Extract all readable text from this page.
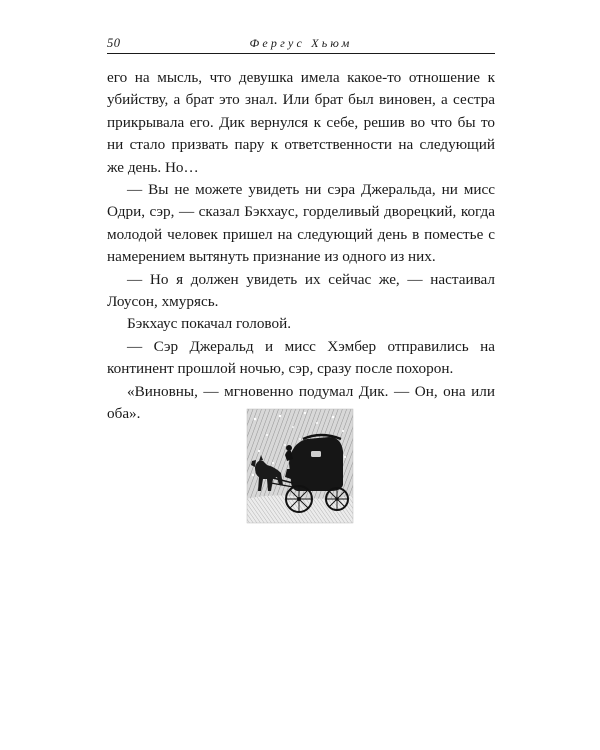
50	Фергус Хьюм

его на мысль, что девушка имела какое-то отношение к убийству, а брат это знал. Или брат был виновен, а сестра прикрывала его. Дик вернулся к себе, решив во что бы то ни стало призвать пару к ответственности на следующий же день. Но…

— Вы не можете увидеть ни сэра Джеральда, ни мисс Одри, сэр, — сказал Бэкхаус, горделивый дворецкий, когда молодой человек пришел на следующий день в поместье с намерением вытянуть признание из одного из них.

— Но я должен увидеть их сейчас же, — настаивал Лоусон, хмурясь.

Бэкхаус покачал головой.

— Сэр Джеральд и мисс Хэмбер отправились на континент прошлой ночью, сэр, сразу после похорон.

«Виновны, — мгновенно подумал Дик. — Он, она или оба».
